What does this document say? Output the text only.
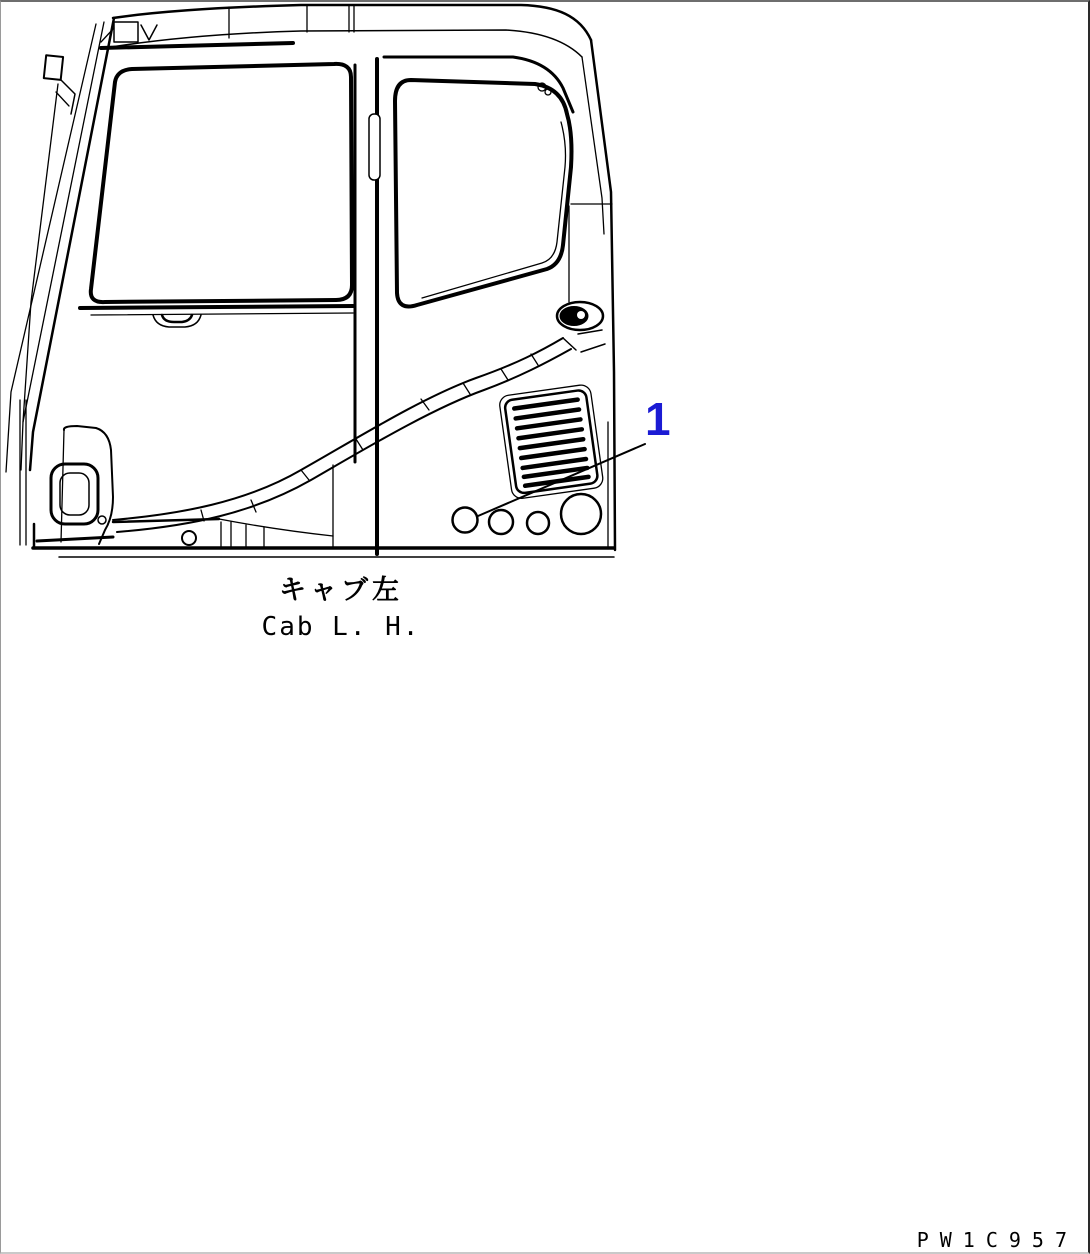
1
キャブ左
Cab L. H.
PW1C957
